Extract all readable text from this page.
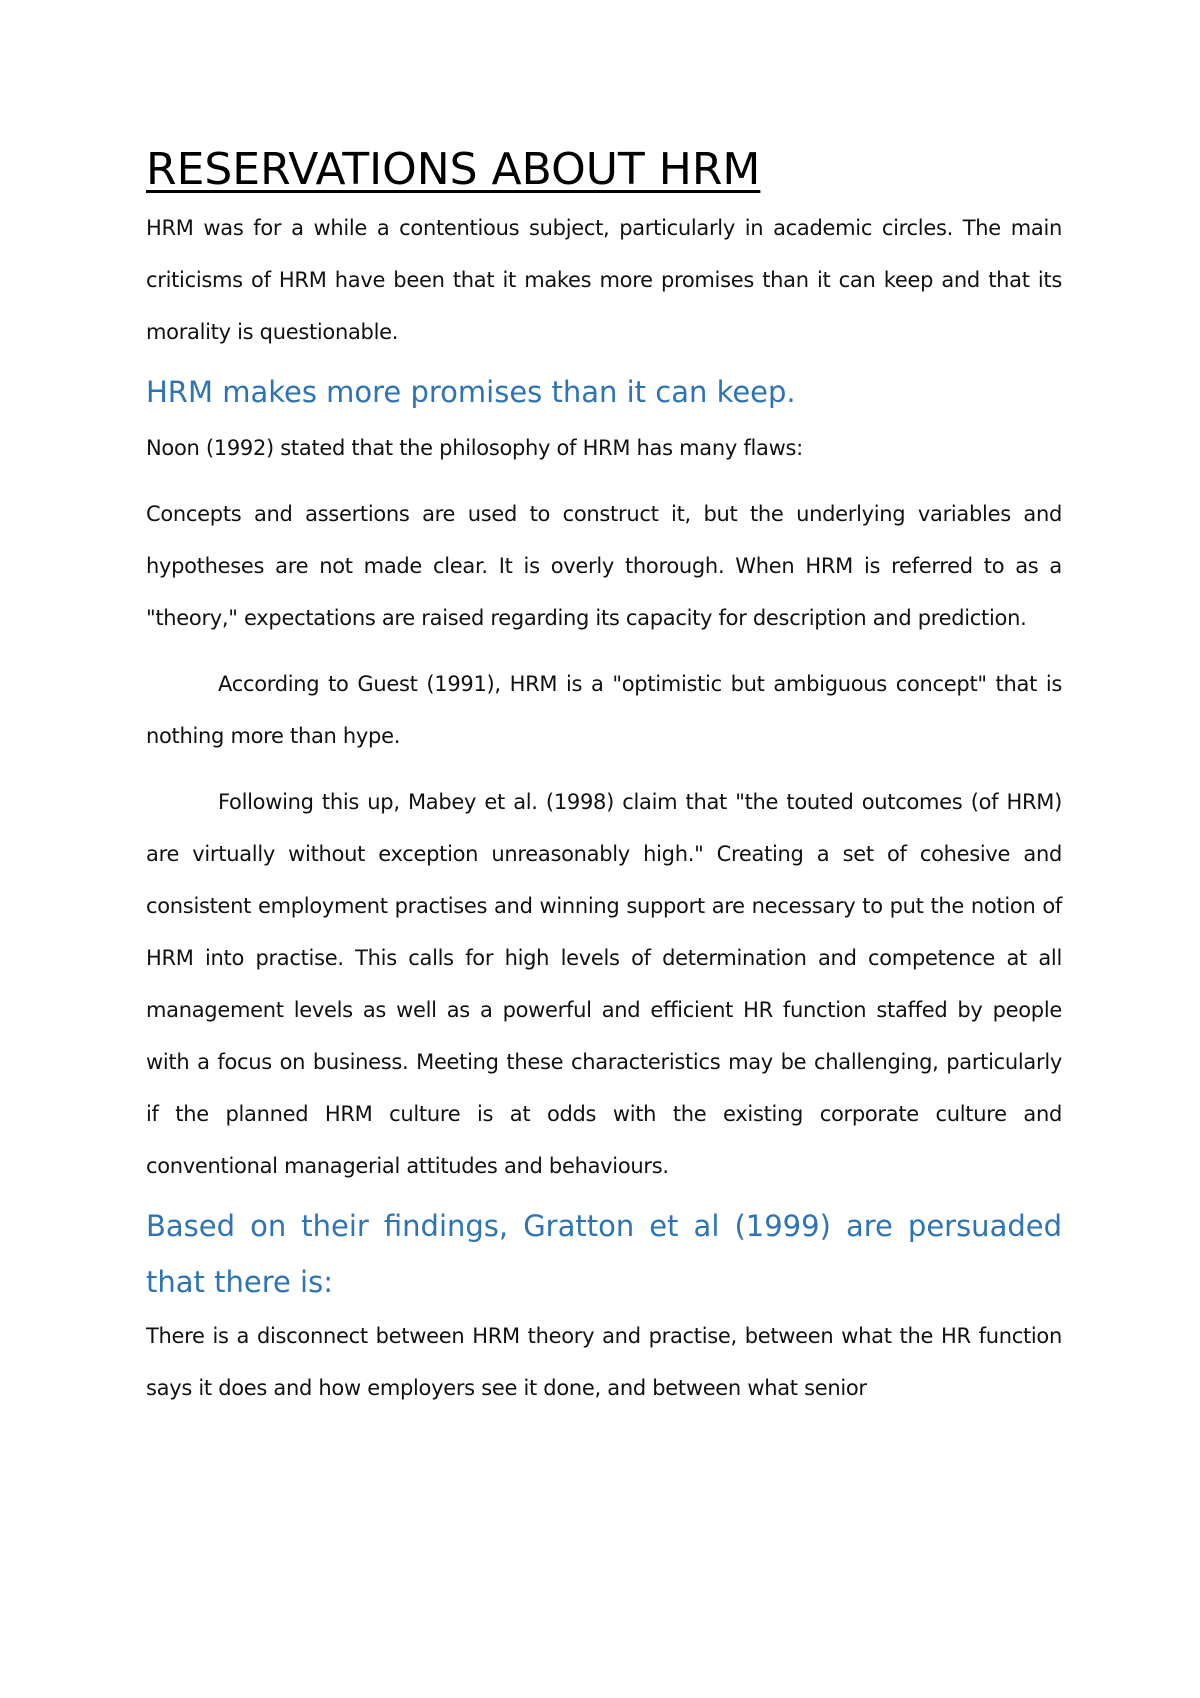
RESERVATIONS ABOUT HRM

HRM was for a while a contentious subject, particularly in academic circles. The main criticisms of HRM have been that it makes more promises than it can keep and that its morality is questionable.

HRM makes more promises than it can keep.

Noon (1992) stated that the philosophy of HRM has many flaws:

Concepts and assertions are used to construct it, but the underlying variables and hypotheses are not made clear. It is overly thorough. When HRM is referred to as a "theory," expectations are raised regarding its capacity for description and prediction.

According to Guest (1991), HRM is a "optimistic but ambiguous concept" that is nothing more than hype.

Following this up, Mabey et al. (1998) claim that "the touted outcomes (of HRM) are virtually without exception unreasonably high." Creating a set of cohesive and consistent employment practises and winning support are necessary to put the notion of HRM into practise. This calls for high levels of determination and competence at all management levels as well as a powerful and efficient HR function staffed by people with a focus on business. Meeting these characteristics may be challenging, particularly if the planned HRM culture is at odds with the existing corporate culture and conventional managerial attitudes and behaviours.

Based on their findings, Gratton et al (1999) are persuaded that there is:

There is a disconnect between HRM theory and practise, between what the HR function says it does and how employers see it done, and between what senior
